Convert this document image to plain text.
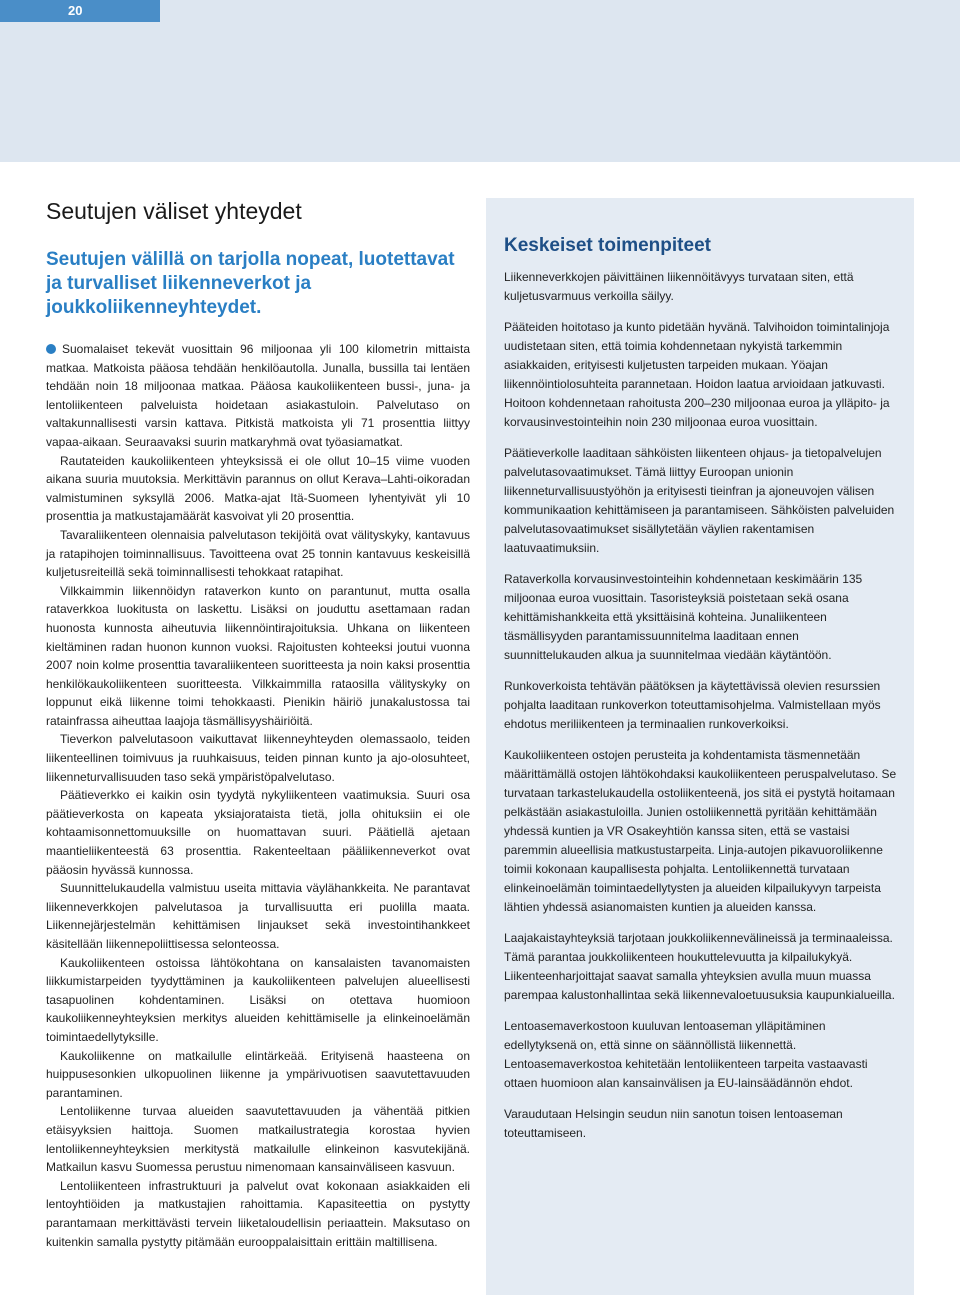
20
Seutujen väliset yhteydet
Seutujen välillä on tarjolla nopeat, luotettavat ja turvalliset liikenneverkot ja joukkoliikenneyhteydet.

Suomalaiset tekevät vuosittain 96 miljoonaa yli 100 kilometrin mittaista matkaa. Matkoista pääosa tehdään henkilöautolla. Junalla, bussilla tai lentäen tehdään noin 18 miljoonaa matkaa. Pääosa kaukoliikenteen bussi-, juna- ja lentoliikenteen palveluista hoidetaan asiakastuloin. Palvelutaso on valtakunnallisesti varsin kattava. Pitkistä matkoista yli 71 prosenttia liittyy vapaa-aikaan. Seuraavaksi suurin matkaryhmä ovat työasiamatkat.

Rautateiden kaukoliikenteen yhteyksissä ei ole ollut 10–15 viime vuoden aikana suuria muutoksia. Merkittävin parannus on ollut Kerava–Lahti-oikoradan valmistuminen syksyllä 2006. Matka-ajat Itä-Suomeen lyhentyivät yli 10 prosenttia ja matkustajamäärät kasvoivat yli 20 prosenttia.

Tavaraliikenteen olennaisia palvelutason tekijöitä ovat välityskyky, kantavuus ja ratapihojen toiminnallisuus. Tavoitteena ovat 25 tonnin kantavuus keskeisillä kuljetusreiteillä sekä toiminnallisesti tehokkaat ratapihat.

Vilkkaimmin liikennöidyn rataverkon kunto on parantunut, mutta osalla rataverkkoa luokitusta on laskettu. Lisäksi on jouduttu asettamaan radan huonosta kunnosta aiheutuvia liikennöintirajoituksia. Uhkana on liikenteen kieltäminen radan huonon kunnon vuoksi. Rajoitusten kohteeksi joutui vuonna 2007 noin kolme prosenttia tavaraliikenteen suoritteesta ja noin kaksi prosenttia henkilökaukoliikenteen suoritteesta. Vilkkaimmilla rataosilla välityskyky on loppunut eikä liikenne toimi tehokkaasti. Pienikin häiriö junakalustossa tai ratainfrassa aiheuttaa laajoja täsmällisyyshäiriöitä.

Tieverkon palvelutasoon vaikuttavat liikenneyhteyden olemassaolo, teiden liikenteellinen toimivuus ja ruuhkaisuus, teiden pinnan kunto ja ajo-olosuhteet, liikenneturvallisuuden taso sekä ympäristöpalvelutaso.

Päätieverkko ei kaikin osin tyydytä nykyliikenteen vaatimuksia. Suuri osa päätieverkosta on kapeata yksiajorataista tietä, jolla ohituksiin ei ole kohtaamisonnettomuuksille on huomattavan suuri. Päätiellä ajetaan maantieliikenteestä 63 prosenttia. Rakenteeltaan pääliikenneverkot ovat pääosin hyvässä kunnossa.

Suunnittelukaudella valmistuu useita mittavia väylähankkeita. Ne parantavat liikenneverkkojen palvelutasoa ja turvallisuutta eri puolilla maata. Liikennejärjestelmän kehittämisen linjaukset sekä investointihankkeet käsitellään liikennepoliittisessa selonteossa.

Kaukoliikenteen ostoissa lähtökohtana on kansalaisten tavanomaisten liikkumistarpeiden tyydyttäminen ja kaukoliikenteen palvelujen alueellisesti tasapuolinen kohdentaminen. Lisäksi on otettava huomioon kaukoliikenneyhteyksien merkitys alueiden kehittämiselle ja elinkeinoelämän toimintaedellytyksille.

Kaukoliikenne on matkailulle elintärkeää. Erityisenä haasteena on huippusesonkien ulkopuolinen liikenne ja ympärivuotisen saavutettavuuden parantaminen.

Lentoliikenne turvaa alueiden saavutettavuuden ja vähentää pitkien etäisyyksien haittoja. Suomen matkailustrategia korostaa hyvien lentoliikenneyhteyksien merkitystä matkailulle elinkeinon kasvutekijänä. Matkailun kasvu Suomessa perustuu nimenomaan kansainväliseen kasvuun.

Lentoliikenteen infrastruktuuri ja palvelut ovat kokonaan asiakkaiden eli lentoyhtiöiden ja matkustajien rahoittamia. Kapasiteettia on pystytty parantamaan merkittävästi tervein liiketaloudellisin periaattein. Maksutaso on kuitenkin samalla pystytty pitämään eurooppalaisittain erittäin maltillisena.

Keskeiset toimenpiteet

Liikenneverkkojen päivittäinen liikennöitävyys turvataan siten, että kuljetusvarmuus verkoilla säilyy.

Pääteiden hoitotaso ja kunto pidetään hyvänä. Talvihoidon toimintalinjoja uudistetaan siten, että toimia kohdennetaan nykyistä tarkemmin asiakkaiden, erityisesti kuljetusten tarpeiden mukaan. Yöajan liikennöintiolosuhteita parannetaan. Hoidon laatua arvioidaan jatkuvasti. Hoitoon kohdennetaan rahoitusta 200–230 miljoonaa euroa ja ylläpito- ja korvausinvestointeihin noin 230 miljoonaa euroa vuosittain.

Päätieverkolle laaditaan sähköisten liikenteen ohjaus- ja tietopalvelujen palvelutasovaatimukset. Tämä liittyy Euroopan unionin liikenneturvallisuustyöhön ja erityisesti tieinfran ja ajoneuvojen välisen kommunikaation kehittämiseen ja parantamiseen. Sähköisten palveluiden palvelutasovaatimukset sisällytetään väylien rakentamisen laatuvaatimuksiin.

Rataverkolla korvausinvestointeihin kohdennetaan keskimäärin 135 miljoonaa euroa vuosittain. Tasoristeyksiä poistetaan sekä osana kehittämishankkeita että yksittäisinä kohteina. Junaliikenteen täsmällisyyden parantamissuunnitelma laaditaan ennen suunnittelukauden alkua ja suunnitelmaa viedään käytäntöön.

Runkoverkoista tehtävän päätöksen ja käytettävissä olevien resurssien pohjalta laaditaan runkoverkon toteuttamisohjelma. Valmistellaan myös ehdotus meriliikenteen ja terminaalien runkoverkoiksi.

Kaukoliikenteen ostojen perusteita ja kohdentamista täsmennetään määrittämällä ostojen lähtökohdaksi kaukoliikenteen peruspalvelutaso. Se turvataan tarkastelukaudella ostoliikenteenä, jos sitä ei pystytä hoitamaan pelkästään asiakastuloilla. Junien ostoliikennettä pyritään kehittämään yhdessä kuntien ja VR Osakeyhtiön kanssa siten, että se vastaisi paremmin alueellisia matkustustarpeita. Linja-autojen pikavuoroliikenne toimii kokonaan kaupallisesta pohjalta. Lentoliikennettä turvataan elinkeinoelämän toimintaedellytysten ja alueiden kilpailukyvyn tarpeista lähtien yhdessä asianomaisten kuntien ja alueiden kanssa.

Laajakaistayhteyksiä tarjotaan joukkoliikennevälineissä ja terminaaleissa. Tämä parantaa joukkoliikenteen houkuttelevuutta ja kilpailukykyä. Liikenteenharjoittajat saavat samalla yhteyksien avulla muun muassa parempaa kalustonhallintaa sekä liikennevaloetuusuksia kaupunkialueilla.

Lentoasemaverkostoon kuuluvan lentoaseman ylläpitäminen edellytyksenä on, että sinne on säännöllistä liikennettä. Lentoasemaverkostoa kehitetään lentoliikenteen tarpeita vastaavasti ottaen huomioon alan kansainvälisen ja EU-lainsäädännön ehdot.

Varaudutaan Helsingin seudun niin sanotun toisen lentoaseman toteuttamiseen.
